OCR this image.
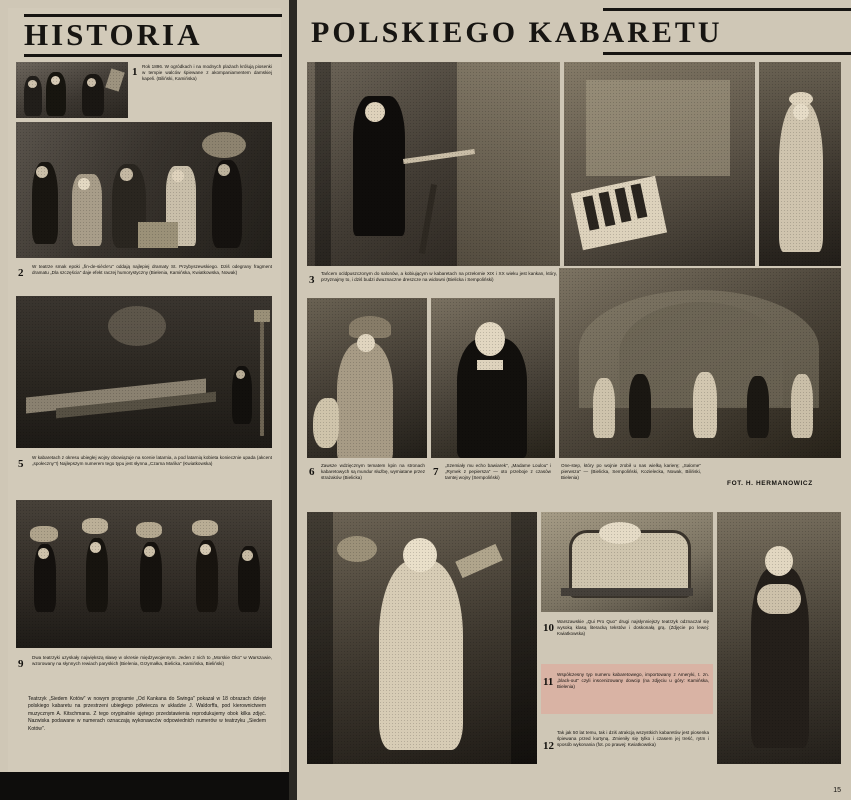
HISTORIA
1 Rok 1896. W ogródkach i na modnych plażach królują piosenki w tempie walców śpiewane z akompaniamentem damskiej kapeli. (Biliński, Kamińska)
2
W teatrze smak epoki „fin-de-siècle'u" oddają najlepiej dramaty St. Przybyszewskiego. Dziś odegrany fragment dramatu „Dla szczęścia" daje efekt raczej humorystyczny (Bielenia, Kamińska, Kwiatkowska, Nowak)
5
W kabaretach z okresu ubiegłej wojny obowiązuje na scenie latarnia, a pod latarnią kobieta koniecznie upada (akcent „społeczny"!) Najlepszym numerem tego typu jest słynna „Czarna Mańka" (Kwiatkowska)
9
Dwa teatrzyki uzyskały największą sławę w okresie międzywojennym. Jeden z nich to „Morskie Oko" w Warszawie, wzorowany na słynnych rewiach paryskich (Bielenia, Grzymałka, Bielicka, Kamińska, Bieliński)
Teatrzyk „Siedem Kotów" w nowym programie „Od Kankana do Swinga" pokazał w 18 obrazach dzieje polskiego kabaretu na przestrzeni ubiegłego półwiecza w układzie J. Waldorffa, pod kierownictwem muzycznym A. Kitschmana. Z tego oryginalnie ujętego przedstawienia reprodukujemy obok kilka zdjęć. Nazwiska podawane w numerach oznaczają wykonawców odpowiednich numerów w teatrzyku „Siedem Kotów".
POLSKIEGO KABARETU
3
Tańcem ocldpuszczonym do salonów, a kobiującym w kabaretach na przełomie XIX i XX wieku jest kankan, który, przyznajmy to, i dziś budzi dwuznaczne dreszcze na widowni (Bielicka i Sempoliński)
6
Zawsze wdzięcznym tematem kpin na stronach kabaretowych są mundur służbę, wymiatane przez strażaków (Bielicka)	7
„Szemiały mu echo bawiarek", „Madame Loulou" i „Rymek z pepiersza" — oto przeboje z czasów tamtej wojny (Sempoliński)
One-step, który po wojnie zrobił u nas wielką karierę; „Salome" pierwsza" — (Bielicka, Sempoliński, Kozielecka, Nowak, Biliński, Bielenia)
FOT. H. HERMANOWICZ
10
Warszawskie „Qui Pro Quo" drugi najsłynniejszy teatrzyk odznaczał się wysoką klasą literacką tekstów i doskonałą grą. (Zdjęcie po lewej: Kwiatkowska)
11
Współczesny typ numeru kabaretowego, importowany z Ameryki, t. zn. „black-out" czyli inscenizowany dowcip (na zdjęciu u góry: Kamińska, Bielenia)
12
Tak jak 50 lat temu, tak i dziś atrakcją wszystkich kabaretów jest piosenka śpiewana przed kurtyną. Zmieniły się tylko i czasem jej treść, rytm i sposób wykonania (fot. po prawej: Kwiatkowska)
15
